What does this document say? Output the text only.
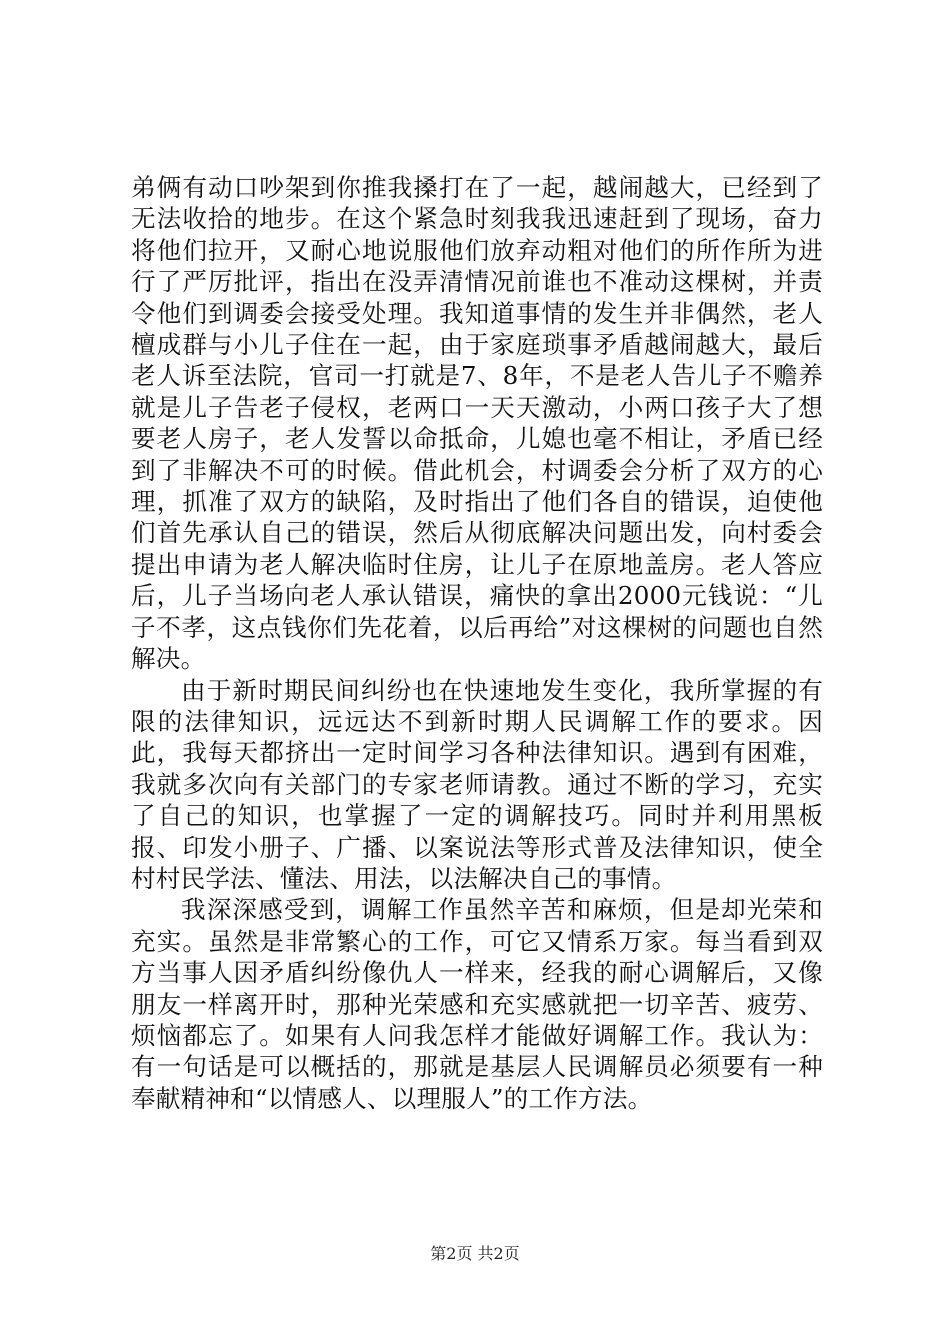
弟俩有动口吵架到你推我搡打在了一起，越闹越大，已经到了无法收拾的地步。在这个紧急时刻我我迅速赶到了现场，奋力将他们拉开，又耐心地说服他们放弃动粗对他们的所作所为进行了严厉批评，指出在没弄清情况前谁也不准动这棵树，并责令他们到调委会接受处理。我知道事情的发生并非偶然，老人檀成群与小儿子住在一起，由于家庭琐事矛盾越闹越大，最后老人诉至法院，官司一打就是7、8年，不是老人告儿子不赡养就是儿子告老子侵权，老两口一天天激动，小两口孩子大了想要老人房子，老人发誓以命抵命，儿媳也毫不相让，矛盾已经到了非解决不可的时候。借此机会，村调委会分析了双方的心理，抓准了双方的缺陷，及时指出了他们各自的错误，迫使他们首先承认自己的错误，然后从彻底解决问题出发，向村委会提出申请为老人解决临时住房，让儿子在原地盖房。老人答应后，儿子当场向老人承认错误，痛快的拿出2000元钱说：“儿子不孝，这点钱你们先花着，以后再给”对这棵树的问题也自然解决。

由于新时期民间纠纷也在快速地发生变化，我所掌握的有限的法律知识，远远达不到新时期人民调解工作的要求。因此，我每天都挤出一定时间学习各种法律知识。遇到有困难，我就多次向有关部门的专家老师请教。通过不断的学习，充实了自己的知识，也掌握了一定的调解技巧。同时并利用黑板报、印发小册子、广播、以案说法等形式普及法律知识，使全村村民学法、懂法、用法，以法解决自己的事情。

我深深感受到，调解工作虽然辛苦和麻烦，但是却光荣和充实。虽然是非常繁心的工作，可它又情系万家。每当看到双方当事人因矛盾纠纷像仇人一样来，经我的耐心调解后，又像朋友一样离开时，那种光荣感和充实感就把一切辛苦、疲劳、烦恼都忘了。如果有人问我怎样才能做好调解工作。我认为：有一句话是可以概括的，那就是基层人民调解员必须要有一种奉献精神和“以情感人、以理服人”的工作方法。

第2页 共2页
